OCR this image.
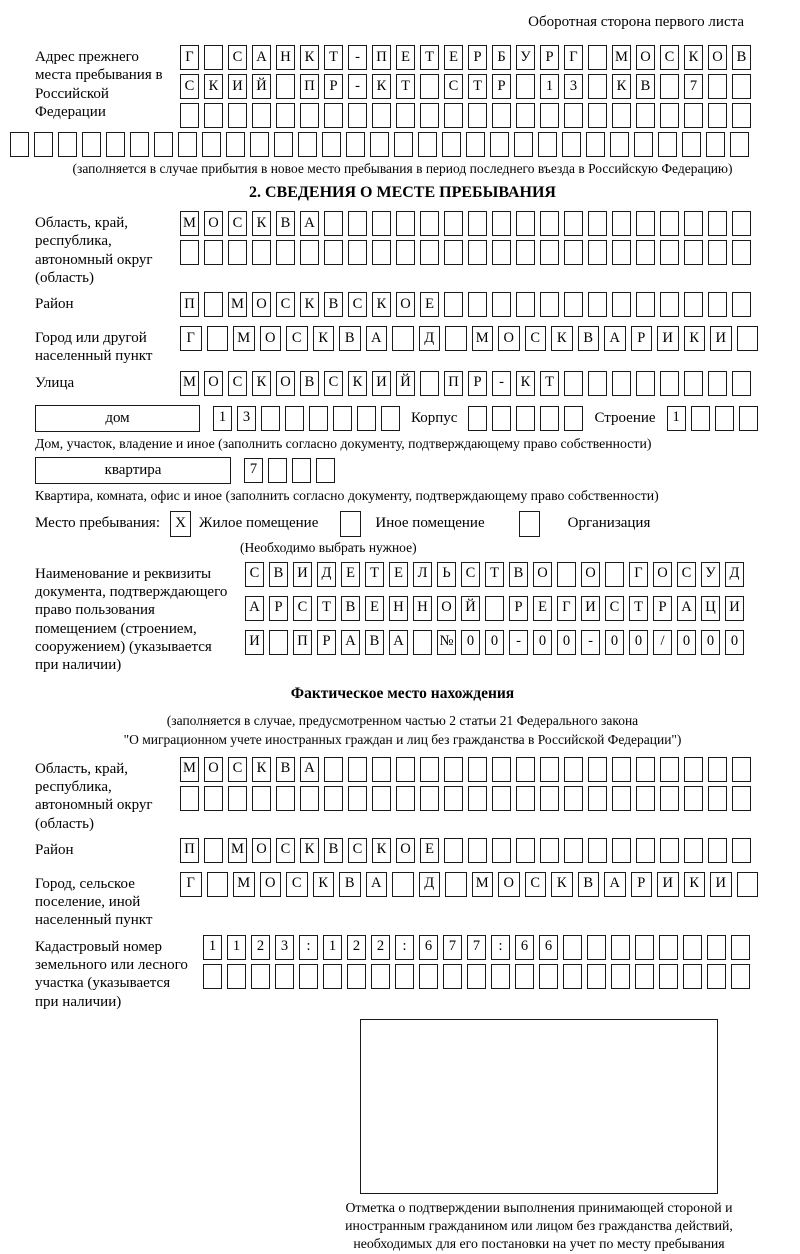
Оборотная сторона первого листа
Адрес прежнего места пребывания в Российской Федерации
Г	С А Н К	Т	-	П Е	Т	Е	Р	Б	У	Р	Г	М О С К О В
С К И Й	П	Р	-	К	Т	С	Т	Р	1	3	К В	7
(заполняется в случае прибытия в новое место пребывания в период последнего въезда в Российскую Федерацию)
2. СВЕДЕНИЯ О МЕСТЕ ПРЕБЫВАНИЯ
Область, край, республика, автономный округ (область)
М О С К В А
Район	П	М О С К В С К О Е
Город или другой населенный пункт
Г	М	О	С	К	В	А	Д	М	О	С	К	В	А	Р	И	К	И
Улица	М О С К О В С К И Й	П	Р	-	К	Т
дом	1	3	Корпус	Строение	1
Дом, участок, владение и иное (заполнить согласно документу, подтверждающему право собственности)
квартира	7
Квартира, комната, офис и иное (заполнить согласно документу, подтверждающему право собственности)
Место пребывания:	X Жилое помещение	Иное помещение	Организация
(Необходимо выбрать нужное)
Наименование и реквизиты документа, подтверждающего право пользования помещением (строением, сооружением) (указывается при наличии)
С В И Д	Е	Т	Е	Л	Ь	С	Т	В О	О	Г	О С У Д
А	Р	С	Т	В	Е Н Н О Й	Р	Е	Г	И С	Т	Р	А Ц И
И	П	Р	А В А № 0	0	-	0	0	-	0	0	/	0	0	0
Фактическое место нахождения
(заполняется в случае, предусмотренном частью 2 статьи 21 Федерального закона
"О миграционном учете иностранных граждан и лиц без гражданства в Российской Федерации")
Область, край, республика, автономный округ (область)
М О С К В А
Район	П	М О С К В С К О Е
Город, сельское поселение, иной населенный пункт
Г	М	О	С	К	В	А	Д	М	О	С	К	В	А	Р	И	К	И
Кадастровый номер земельного или лесного участка (указывается при наличии)
1	1	2	3	:	1	2	2	:	6	7	7	:	6	6
Отметка о подтверждении выполнения принимающей стороной и иностранным гражданином или лицом без гражданства действий, необходимых для его постановки на учет по месту пребывания
